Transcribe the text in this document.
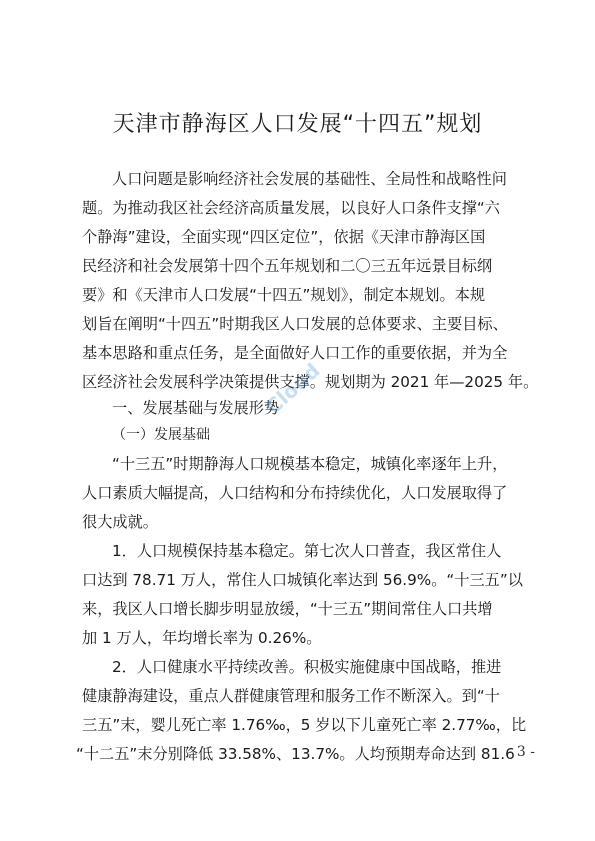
天津市静海区人口发展“十四五”规划
人口问题是影响经济社会发展的基础性、全局性和战略性问
题。为推动我区社会经济高质量发展，以良好人口条件支撑“六
个静海”建设，全面实现“四区定位”，依据《天津市静海区国
民经济和社会发展第十四个五年规划和二〇三五年远景目标纲
要》和《天津市人口发展“十四五”规划》，制定本规划。本规
划旨在阐明“十四五”时期我区人口发展的总体要求、主要目标、
基本思路和重点任务，是全面做好人口工作的重要依据，并为全
区经济社会发展科学决策提供支撑。规划期为 2021 年—2025 年。
一、发展基础与发展形势
（一）发展基础
“十三五”时期静海人口规模基本稳定，城镇化率逐年上升，
人口素质大幅提高，人口结构和分布持续优化，人口发展取得了
很大成就。
1．人口规模保持基本稳定。第七次人口普查，我区常住人
口达到 78.71 万人，常住人口城镇化率达到 56.9%。“十三五”以
来，我区人口增长脚步明显放缓，“十三五”期间常住人口共增
加 1 万人，年均增长率为 0.26%。
2．人口健康水平持续改善。积极实施健康中国战略，推进
健康静海建设，重点人群健康管理和服务工作不断深入。到“十
三五”末，婴儿死亡率 1.76‰，5 岁以下儿童死亡率 2.77‰，比
“十二五”末分别降低 33.58%、13.7%。人均预期寿命达到 81.6
Cloud
- 3 -
